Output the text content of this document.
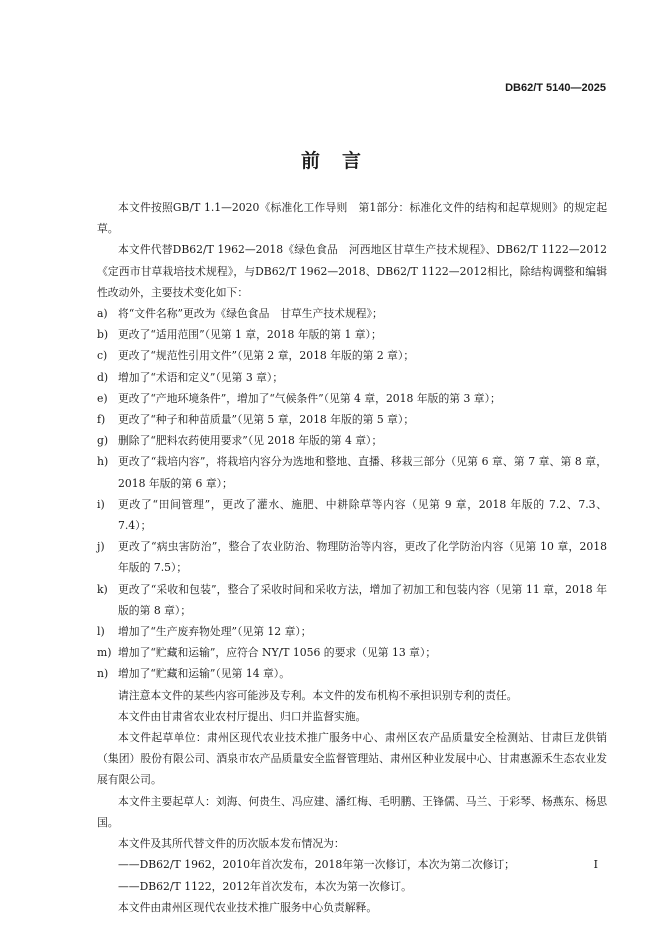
DB62/T 5140—2025
前言

本文件按照GB/T 1.1—2020《标准化工作导则　第1部分：标准化文件的结构和起草规则》的规定起草。

本文件代替DB62/T 1962—2018《绿色食品　河西地区甘草生产技术规程》、DB62/T 1122—2012《定西市甘草栽培技术规程》，与DB62/T 1962—2018、DB62/T 1122—2012相比，除结构调整和编辑性改动外，主要技术变化如下：

a) 将“文件名称”更改为《绿色食品　甘草生产技术规程》；
b) 更改了“适用范围”（见第 1 章，2018 年版的第 1 章）；
c) 更改了“规范性引用文件”（见第 2 章，2018 年版的第 2 章）；
d) 增加了“术语和定义”（见第 3 章）；
e) 更改了“产地环境条件”，增加了“气候条件”（见第 4 章，2018 年版的第 3 章）；
f)	更改了“种子和种苗质量”（见第 5 章，2018 年版的第 5 章）；
g) 删除了“肥料农药使用要求”（见 2018 年版的第 4 章）；
h) 更改了“栽培内容”，将栽培内容分为选地和整地、直播、移栽三部分（见第 6 章、第 7 章、第 8 章，2018 年版的第 6 章）；
i)	更改了“田间管理”，更改了灌水、施肥、中耕除草等内容（见第 9 章，2018 年版的 7.2、7.3、7.4）；
j)	更改了“病虫害防治”，整合了农业防治、物理防治等内容，更改了化学防治内容（见第 10 章，2018 年版的 7.5）；
k) 更改了“采收和包装”，整合了采收时间和采收方法，增加了初加工和包装内容（见第 11 章，2018 年版的第 8 章）；
l)	增加了“生产废弃物处理”（见第 12 章）；
m) 增加了“贮藏和运输”，应符合 NY/T 1056 的要求（见第 13 章）；
n) 增加了“贮藏和运输”（见第 14 章）。

请注意本文件的某些内容可能涉及专利。本文件的发布机构不承担识别专利的责任。

本文件由甘肃省农业农村厅提出、归口并监督实施。

本文件起草单位：肃州区现代农业技术推广服务中心、肃州区农产品质量安全检测站、甘肃巨龙供销（集团）股份有限公司、酒泉市农产品质量安全监督管理站、肃州区种业发展中心、甘肃惠源禾生态农业发展有限公司。

本文件主要起草人：刘海、何贵生、冯应建、潘红梅、毛明鹏、王锋儒、马兰、于彩琴、杨燕东、杨思国。

本文件及其所代替文件的历次版本发布情况为：

——DB62/T 1962，2010年首次发布，2018年第一次修订，本次为第二次修订；

——DB62/T 1122，2012年首次发布，本次为第一次修订。

本文件由肃州区现代农业技术推广服务中心负责解释。

I
